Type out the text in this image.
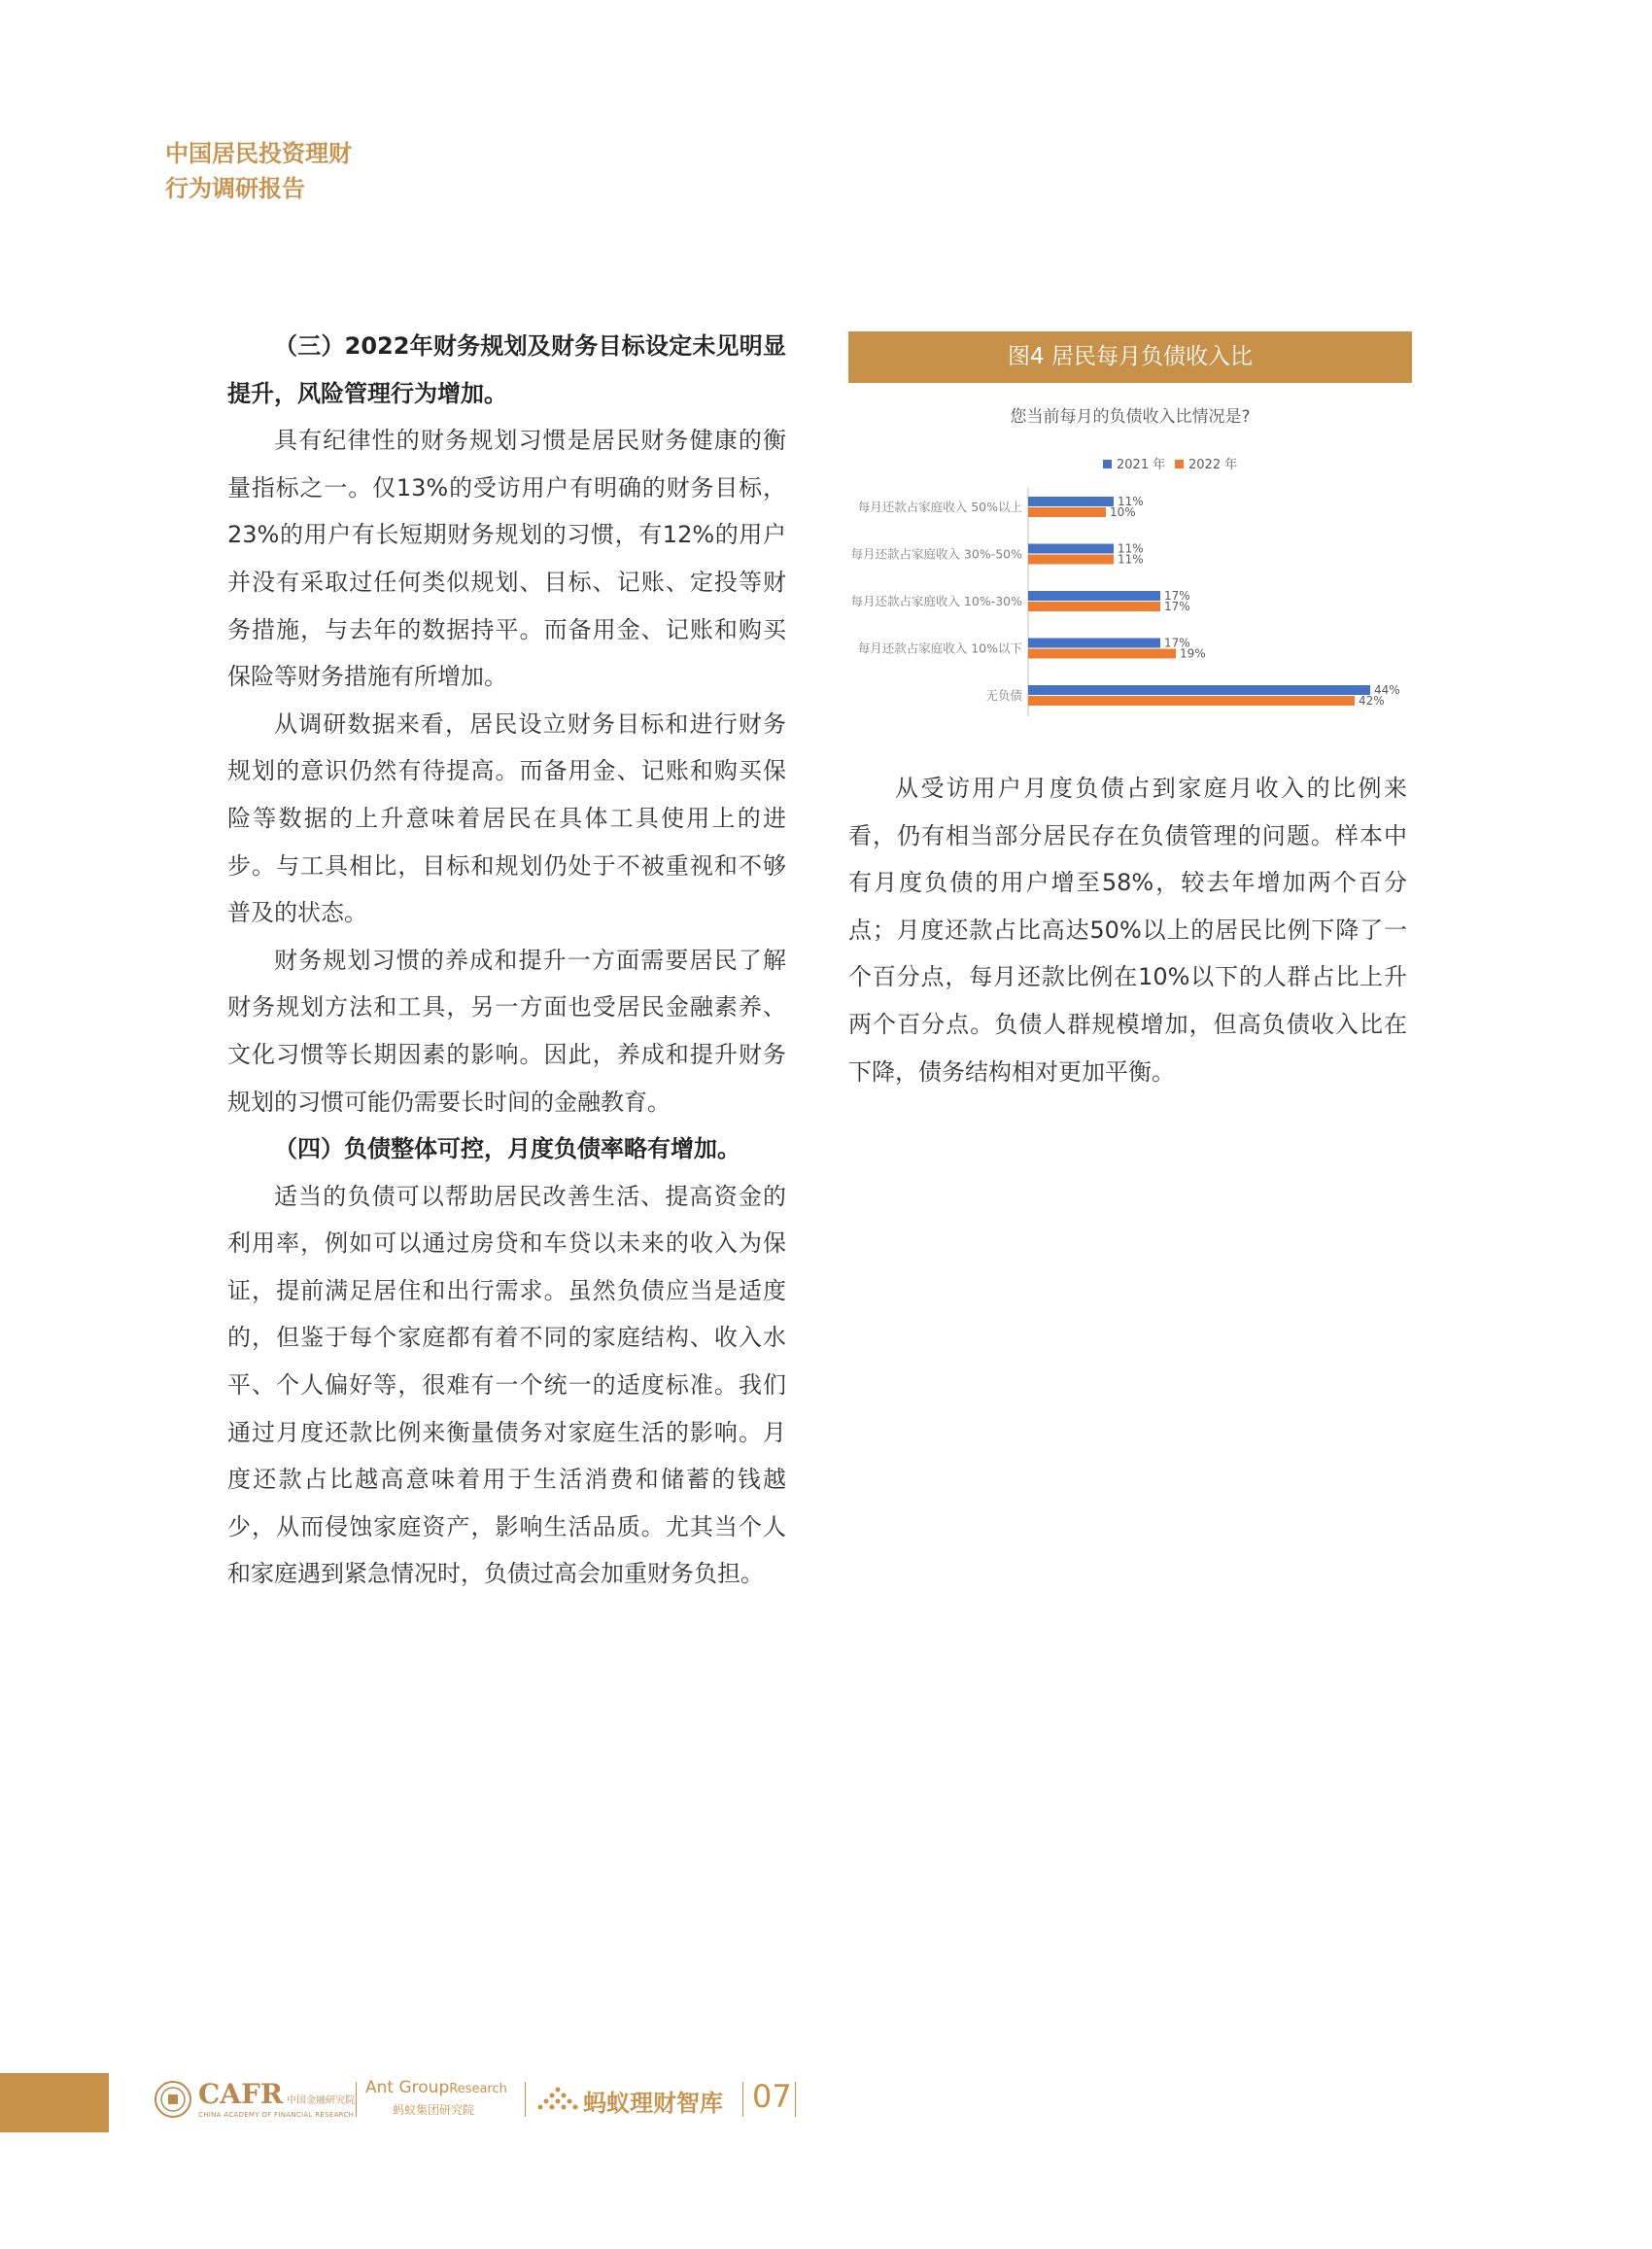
中国居民投资理财
行为调研报告

（三）2022年财务规划及财务目标设定未见明显提升，风险管理行为增加。

具有纪律性的财务规划习惯是居民财务健康的衡量指标之一。仅13%的受访用户有明确的财务目标，23%的用户有长短期财务规划的习惯，有12%的用户并没有采取过任何类似规划、目标、记账、定投等财务措施，与去年的数据持平。而备用金、记账和购买保险等财务措施有所增加。

从调研数据来看，居民设立财务目标和进行财务规划的意识仍然有待提高。而备用金、记账和购买保险等数据的上升意味着居民在具体工具使用上的进步。与工具相比，目标和规划仍处于不被重视和不够普及的状态。

财务规划习惯的养成和提升一方面需要居民了解财务规划方法和工具，另一方面也受居民金融素养、文化习惯等长期因素的影响。因此，养成和提升财务规划的习惯可能仍需要长时间的金融教育。

（四）负债整体可控，月度负债率略有增加。

适当的负债可以帮助居民改善生活、提高资金的利用率，例如可以通过房贷和车贷以未来的收入为保证，提前满足居住和出行需求。虽然负债应当是适度的，但鉴于每个家庭都有着不同的家庭结构、收入水平、个人偏好等，很难有一个统一的适度标准。我们通过月度还款比例来衡量债务对家庭生活的影响。月度还款占比越高意味着用于生活消费和储蓄的钱越少，从而侵蚀家庭资产，影响生活品质。尤其当个人和家庭遇到紧急情况时，负债过高会加重财务负担。

图4 居民每月负债收入比
您当前每月的负债收入比情况是?
2021 年 2022 年
每月还款占家庭收入 50%以上
每月还款占家庭收入 30%-50%
每月还款占家庭收入 10%-30%
每月还款占家庭收入 10%以下
无负债
11%
10%
11%
11%
17%
17%
17%
19%
44%
42%

从受访用户月度负债占到家庭月收入的比例来看，仍有相当部分居民存在负债管理的问题。样本中有月度负债的用户增至58%，较去年增加两个百分点；月度还款占比高达50%以上的居民比例下降了一个百分点，每月还款比例在10%以下的人群占比上升两个百分点。负债人群规模增加，但高负债收入比在下降，债务结构相对更加平衡。

CAFR 中国金融研究院
CHINA ACADEMY OF FINANCIAL RESEARCH
Ant GroupResearch
蚂蚁集团研究院	蚂蚁理财智库 07
